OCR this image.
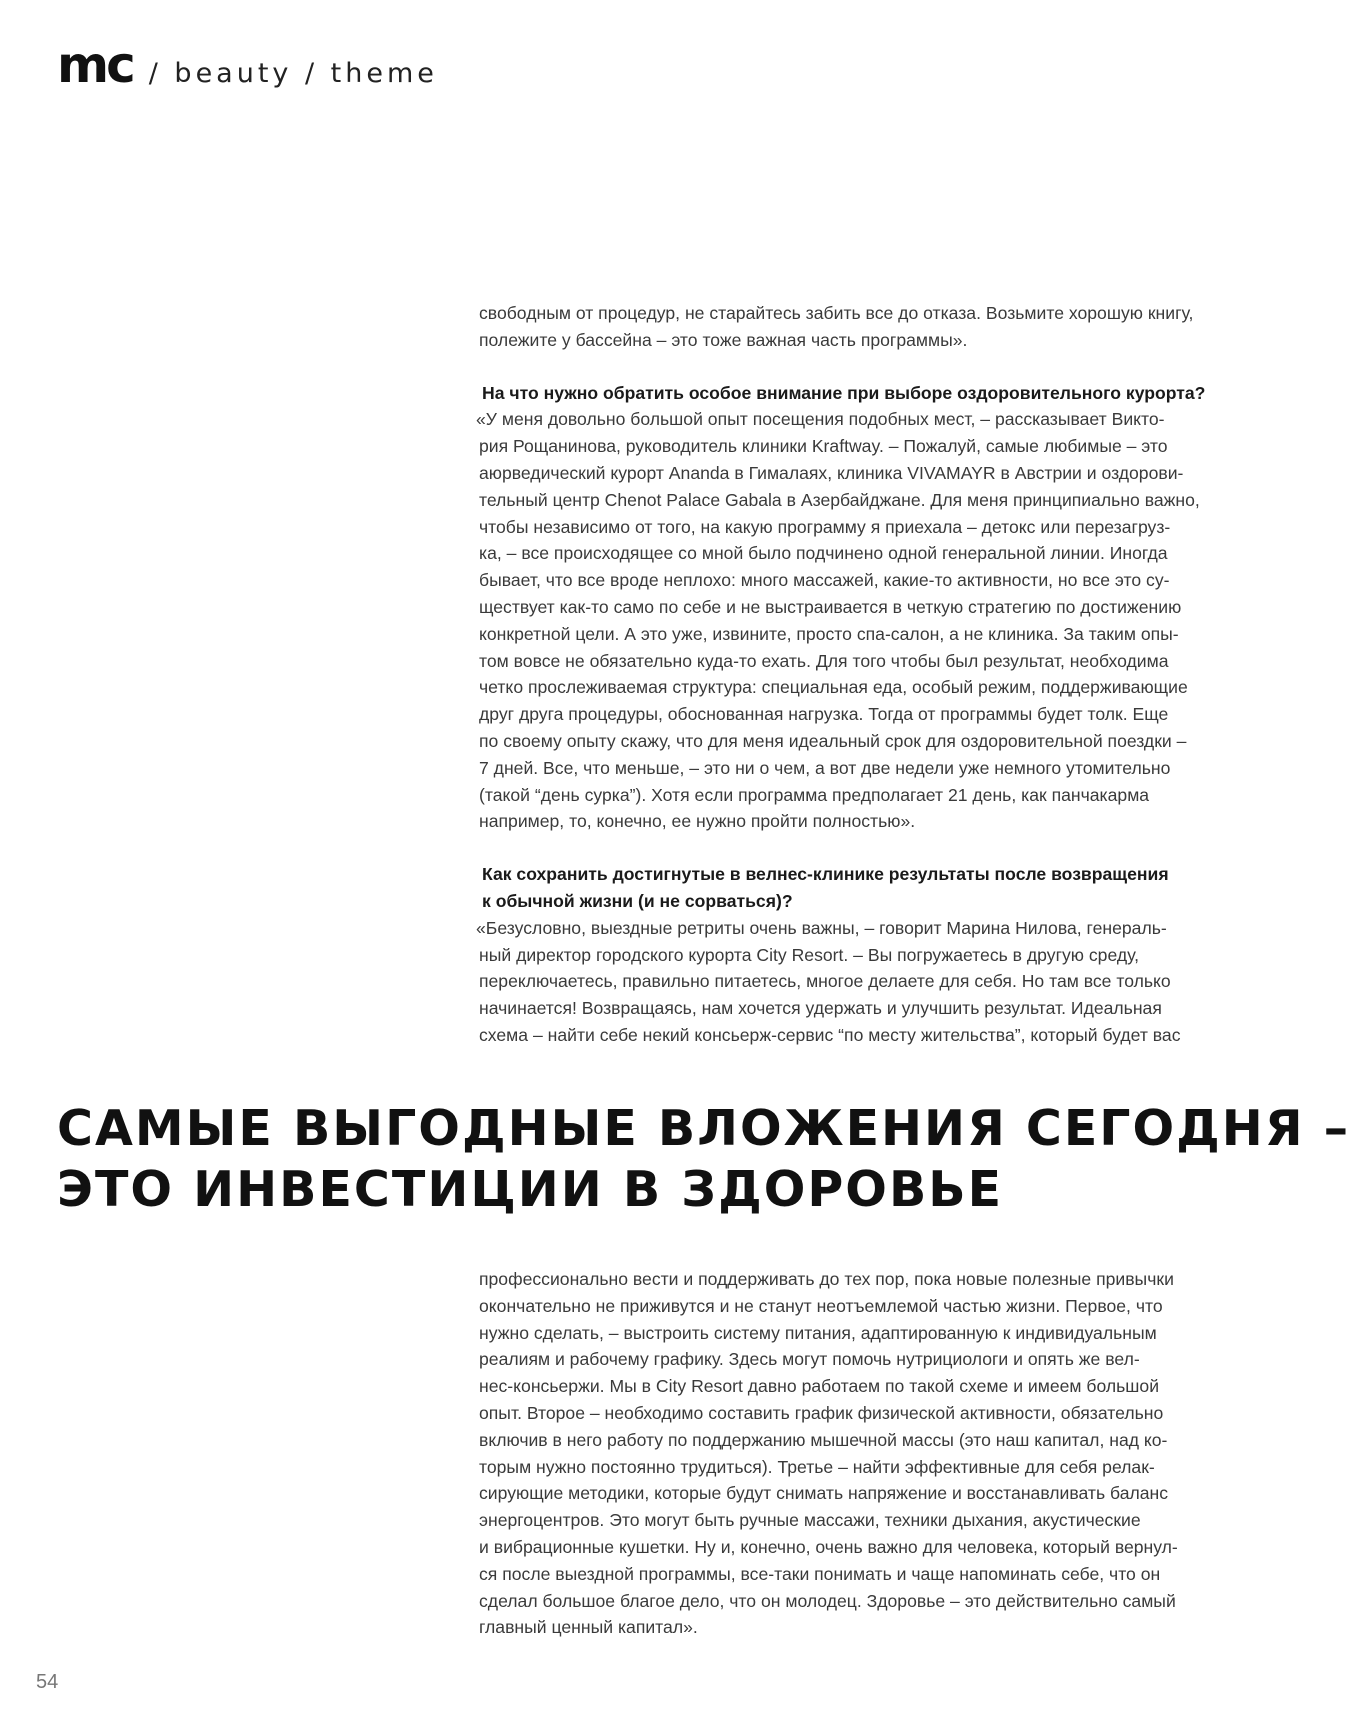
mc / beauty / theme

свободным от процедур, не старайтесь забить все до отказа. Возьмите хорошую книгу,

полежите у бассейна – это тоже важная часть программы».

На что нужно обратить особое внимание при выборе оздоровительного курорта?

«У меня довольно большой опыт посещения подобных мест, – рассказывает Викто-

рия Рощанинова, руководитель клиники Kraftway. – Пожалуй, самые любимые – это

аюрведический курорт Ananda в Гималаях, клиника VIVAMAYR в Австрии и оздорови-

тельный центр Chenot Palace Gabala в Азербайджане. Для меня принципиально важно,

чтобы независимо от того, на какую программу я приехала – детокс или перезагруз-

ка, – все происходящее со мной было подчинено одной генеральной линии. Иногда

бывает, что все вроде неплохо: много массажей, какие-то активности, но все это су-

ществует как-то само по себе и не выстраивается в четкую стратегию по достижению

конкретной цели. А это уже, извините, просто спа-салон, а не клиника. За таким опы-

том вовсе не обязательно куда-то ехать. Для того чтобы был результат, необходима

четко прослеживаемая структура: специальная еда, особый режим, поддерживающие

друг друга процедуры, обоснованная нагрузка. Тогда от программы будет толк. Еще

по своему опыту скажу, что для меня идеальный срок для оздоровительной поездки –

7 дней. Все, что меньше, – это ни о чем, а вот две недели уже немного утомительно

(такой “день сурка”). Хотя если программа предполагает 21 день, как панчакарма

например, то, конечно, ее нужно пройти полностью».

Как сохранить достигнутые в велнес-клинике результаты после возвращения

к обычной жизни (и не сорваться)?

«Безусловно, выездные ретриты очень важны, – говорит Марина Нилова, генераль-

ный директор городского курорта City Resort. – Вы погружаетесь в другую среду,

переключаетесь, правильно питаетесь, многое делаете для себя. Но там все только

начинается! Возвращаясь, нам хочется удержать и улучшить результат. Идеальная

схема – найти себе некий консьерж-сервис “по месту жительства”, который будет вас

САМЫЕ ВЫГОДНЫЕ ВЛОЖЕНИЯ СЕГОДНЯ –
ЭТО ИНВЕСТИЦИИ В ЗДОРОВЬЕ

профессионально вести и поддерживать до тех пор, пока новые полезные привычки

окончательно не приживутся и не станут неотъемлемой частью жизни. Первое, что

нужно сделать, – выстроить систему питания, адаптированную к индивидуальным

реалиям и рабочему графику. Здесь могут помочь нутрициологи и опять же вел-

нес-консьержи. Мы в City Resort давно работаем по такой схеме и имеем большой

опыт. Второе – необходимо составить график физической активности, обязательно

включив в него работу по поддержанию мышечной массы (это наш капитал, над ко-

торым нужно постоянно трудиться). Третье – найти эффективные для себя релак-

сирующие методики, которые будут снимать напряжение и восстанавливать баланс

энергоцентров. Это могут быть ручные массажи, техники дыхания, акустические

и вибрационные кушетки. Ну и, конечно, очень важно для человека, который вернул-

ся после выездной программы, все-таки понимать и чаще напоминать себе, что он

сделал большое благое дело, что он молодец. Здоровье – это действительно самый

главный ценный капитал».

54
